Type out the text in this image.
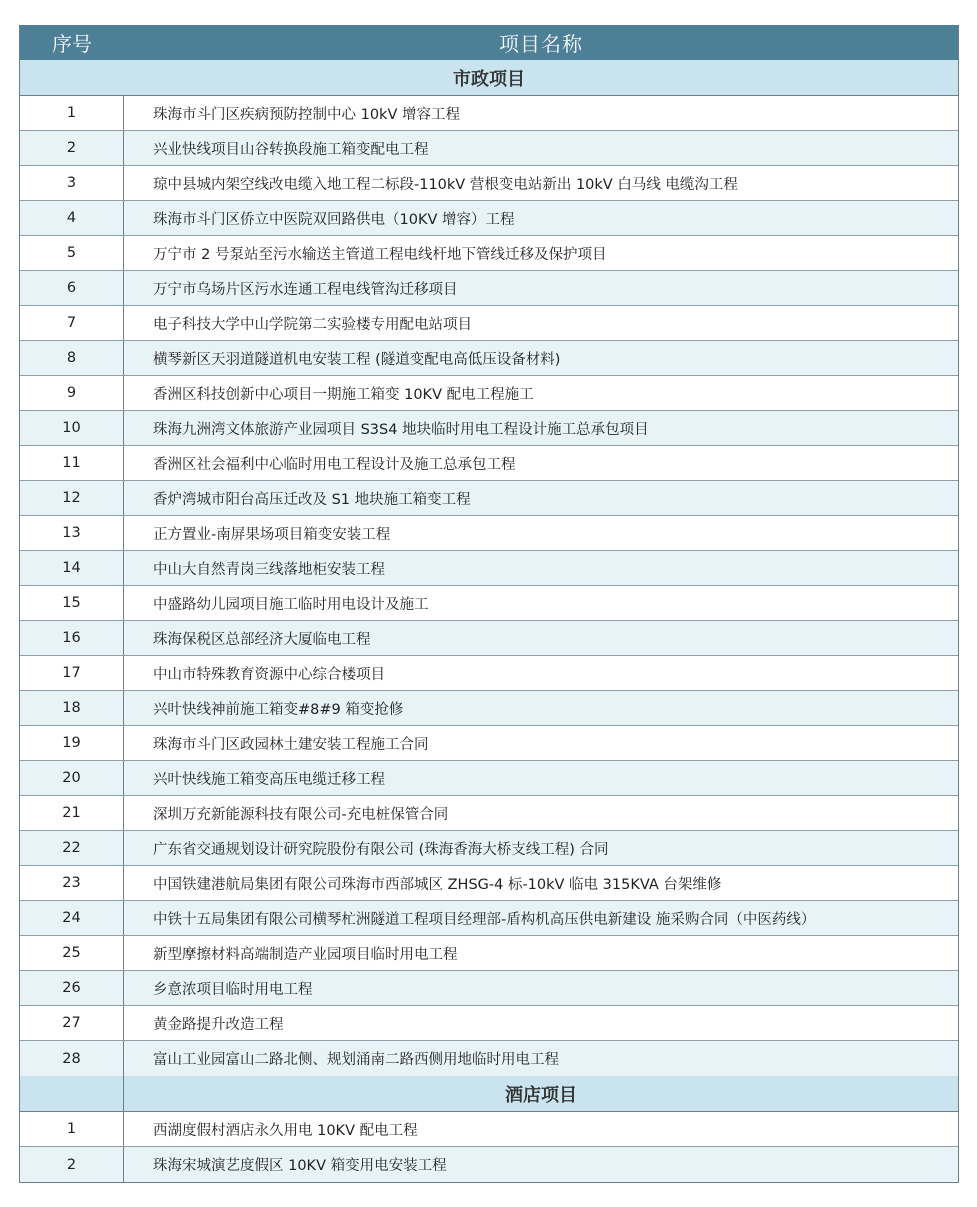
序号	项目名称
市政项目
1	珠海市斗门区疾病预防控制中心 10kV 增容工程
2	兴业快线项目山谷转换段施工箱变配电工程
3	琼中县城内架空线改电缆入地工程二标段-110kV 营根变电站新出 10kV 白马线 电缆沟工程
4	珠海市斗门区侨立中医院双回路供电（10KV 增容）工程
5	万宁市 2 号泵站至污水输送主管道工程电线杆地下管线迁移及保护项目
6	万宁市乌场片区污水连通工程电线管沟迁移项目
7	电子科技大学中山学院第二实验楼专用配电站项目
8	横琴新区天羽道隧道机电安装工程 (隧道变配电高低压设备材料)
9	香洲区科技创新中心项目一期施工箱变 10KV 配电工程施工
10	珠海九洲湾文体旅游产业园项目 S3S4 地块临时用电工程设计施工总承包项目
11	香洲区社会福利中心临时用电工程设计及施工总承包工程
12	香炉湾城市阳台高压迁改及 S1 地块施工箱变工程
13	正方置业-南屏果场项目箱变安装工程
14	中山大自然青岗三线落地柜安装工程
15	中盛路幼儿园项目施工临时用电设计及施工
16	珠海保税区总部经济大厦临电工程
17	中山市特殊教育资源中心综合楼项目
18	兴叶快线神前施工箱变#8#9 箱变抢修
19	珠海市斗门区政园林土建安装工程施工合同
20	兴叶快线施工箱变高压电缆迁移工程
21	深圳万充新能源科技有限公司-充电桩保管合同
22	广东省交通规划设计研究院股份有限公司 (珠海香海大桥支线工程) 合同
23	中国铁建港航局集团有限公司珠海市西部城区 ZHSG-4 标-10kV 临电 315KVA 台架维修
24	中铁十五局集团有限公司横琴杧洲隧道工程项目经理部-盾构机高压供电新建设 施采购合同（中医药线）
25	新型摩擦材料高端制造产业园项目临时用电工程
26	乡意浓项目临时用电工程
27	黄金路提升改造工程
28	富山工业园富山二路北侧、规划涌南二路西侧用地临时用电工程
酒店项目
1	西湖度假村酒店永久用电 10KV 配电工程
2	珠海宋城演艺度假区 10KV 箱变用电安装工程
